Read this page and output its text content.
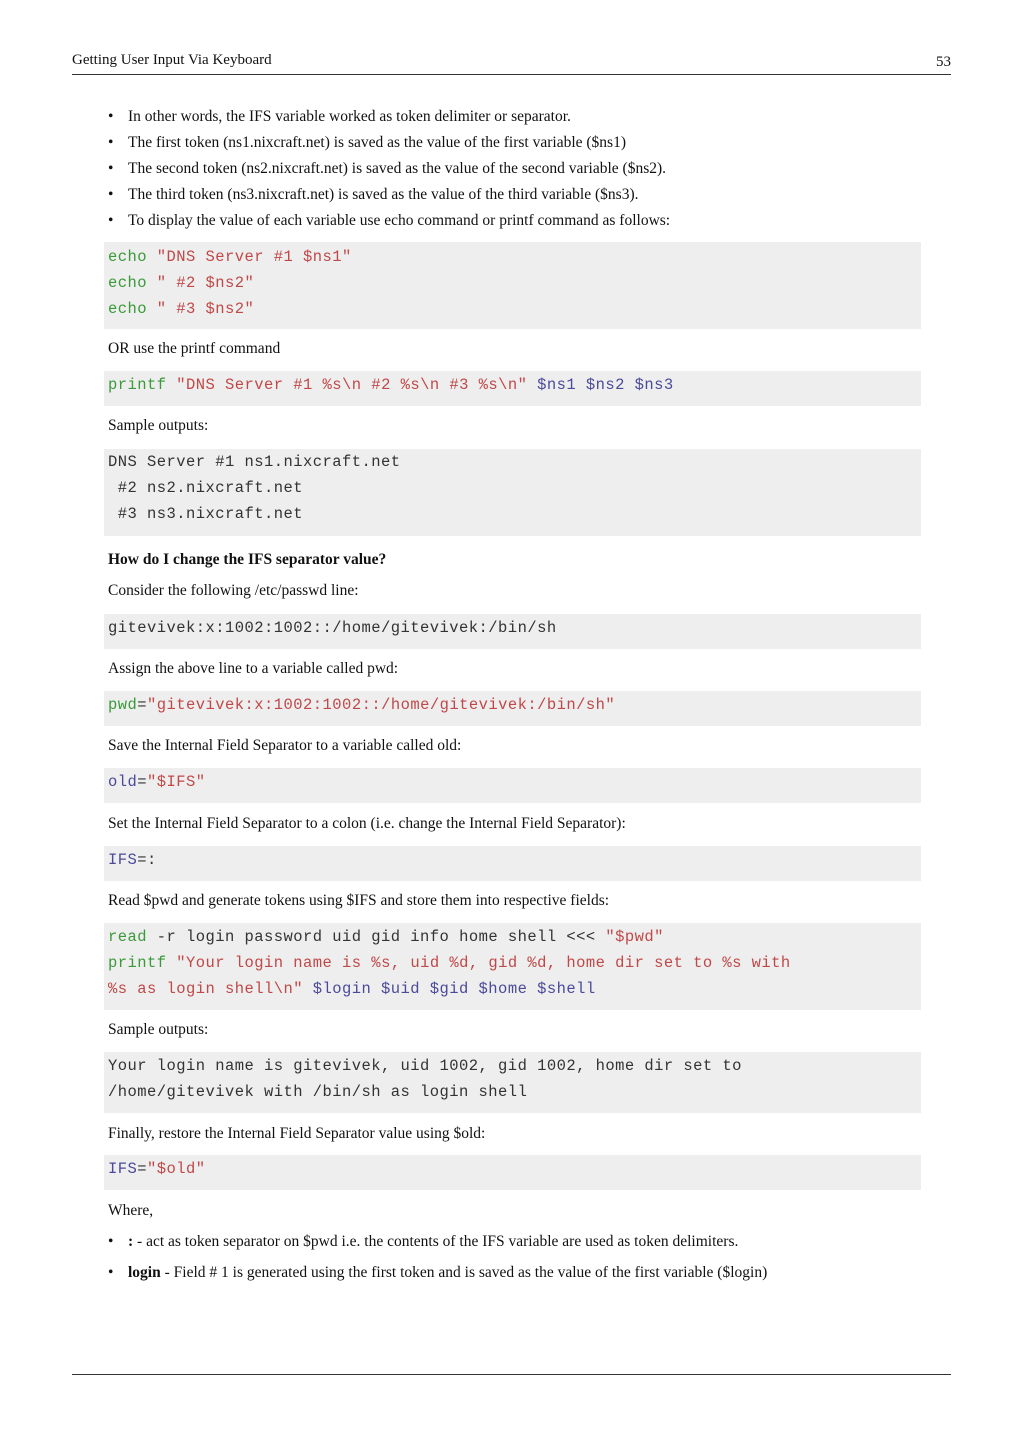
Getting User Input Via Keyboard	53
• In other words, the IFS variable worked as token delimiter or separator.
• The first token (ns1.nixcraft.net) is saved as the value of the first variable ($ns1)
• The second token (ns2.nixcraft.net) is saved as the value of the second variable ($ns2).
• The third token (ns3.nixcraft.net) is saved as the value of the third variable ($ns3).
• To display the value of each variable use echo command or printf command as follows:
echo "DNS Server #1 $ns1"
echo " #2 $ns2"
echo " #3 $ns2"
OR use the printf command
printf "DNS Server #1 %s\n #2 %s\n #3 %s\n" $ns1 $ns2 $ns3
Sample outputs:
DNS Server #1 ns1.nixcraft.net
#2 ns2.nixcraft.net
#3 ns3.nixcraft.net
How do I change the IFS separator value?
Consider the following /etc/passwd line:
gitevivek:x:1002:1002::/home/gitevivek:/bin/sh
Assign the above line to a variable called pwd:
pwd="gitevivek:x:1002:1002::/home/gitevivek:/bin/sh"
Save the Internal Field Separator to a variable called old:
old="$IFS"
Set the Internal Field Separator to a colon (i.e. change the Internal Field Separator):
IFS=:
Read $pwd and generate tokens using $IFS and store them into respective fields:
read -r login password uid gid info home shell <<< "$pwd"
printf "Your login name is %s, uid %d, gid %d, home dir set to %s with
%s as login shell\n" $login $uid $gid $home $shell
Sample outputs:
Your login name is gitevivek, uid 1002, gid 1002, home dir set to
/home/gitevivek with /bin/sh as login shell
Finally, restore the Internal Field Separator value using $old:
IFS="$old"
Where,
• : - act as token separator on $pwd i.e. the contents of the IFS variable are used as token delimiters.
• login - Field # 1 is generated using the first token and is saved as the value of the first variable ($login)
